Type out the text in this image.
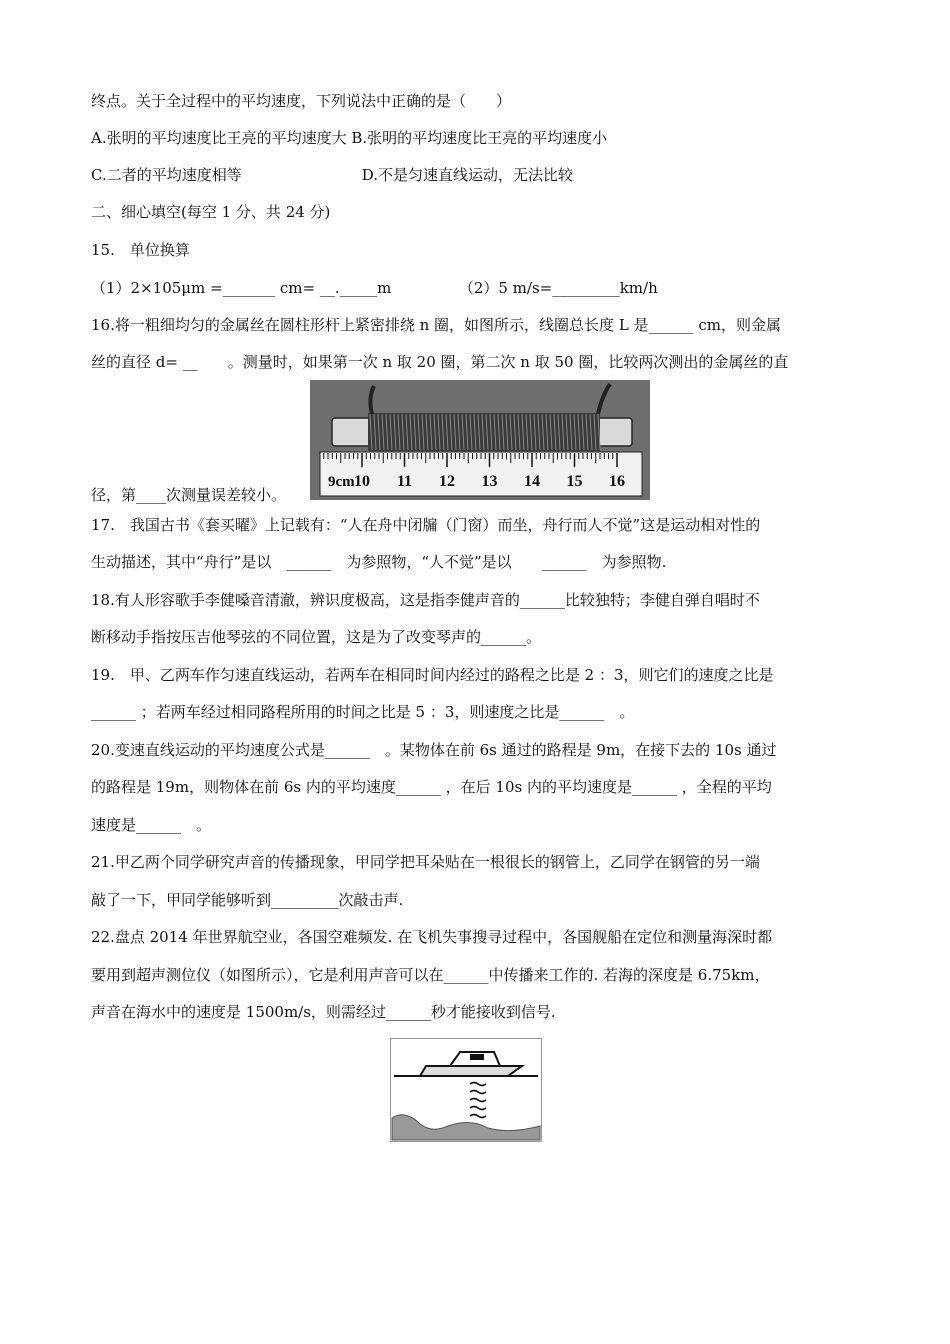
终点。关于全过程中的平均速度，下列说法中正确的是（　　）
A.张明的平均速度比王亮的平均速度大 B.张明的平均速度比王亮的平均速度小
C.二者的平均速度相等　　　　　　　　D.不是匀速直线运动，无法比较
二、细心填空(每空 1 分、共 24 分)
15.　单位换算
（1）2×105μm =_______ cm= __._____m　　　　　（2）5 m/s=_________km/h
16.将一粗细均匀的金属丝在圆柱形杆上紧密排绕 n 圈，如图所示，线圈总长度 L 是______ cm，则金属
丝的直径 d= __　　。测量时，如果第一次 n 取 20 圈，第二次 n 取 50 圈，比较两次测出的金属丝的直
径，第____次测量误差较小。
17.　我国古书《套买曜》上记载有：“人在舟中闭牖（门窗）而坐，舟行而人不觉”这是运动相对性的
生动描述，其中“舟行”是以　______　为参照物，“人不觉”是以　　______　为参照物.
18.有人形容歌手李健嗓音清澈，辨识度极高，这是指李健声音的______比较独特；李健自弹自唱时不
断移动手指按压吉他琴弦的不同位置，这是为了改变琴声的______。
19.　甲、乙两车作匀速直线运动，若两车在相同时间内经过的路程之比是 2 ：3，则它们的速度之比是
______ ；若两车经过相同路程所用的时间之比是 5 ：3，则速度之比是______　。
20.变速直线运动的平均速度公式是______　。某物体在前 6s 通过的路程是 9m，在接下去的 10s 通过
的路程是 19m，则物体在前 6s 内的平均速度______ ，在后 10s 内的平均速度是______ ，全程的平均
速度是______　。
21.甲乙两个同学研究声音的传播现象，甲同学把耳朵贴在一根很长的钢管上，乙同学在钢管的另一端
敲了一下，甲同学能够听到_________次敲击声.
22.盘点 2014 年世界航空业，各国空难频发. 在飞机失事搜寻过程中，各国舰船在定位和测量海深时都
要用到超声测位仪（如图所示），它是利用声音可以在______中传播来工作的. 若海的深度是 6.75km，
声音在海水中的速度是 1500m/s，则需经过______秒才能接收到信号.
9cm 10 11 12 13 14 15 16
